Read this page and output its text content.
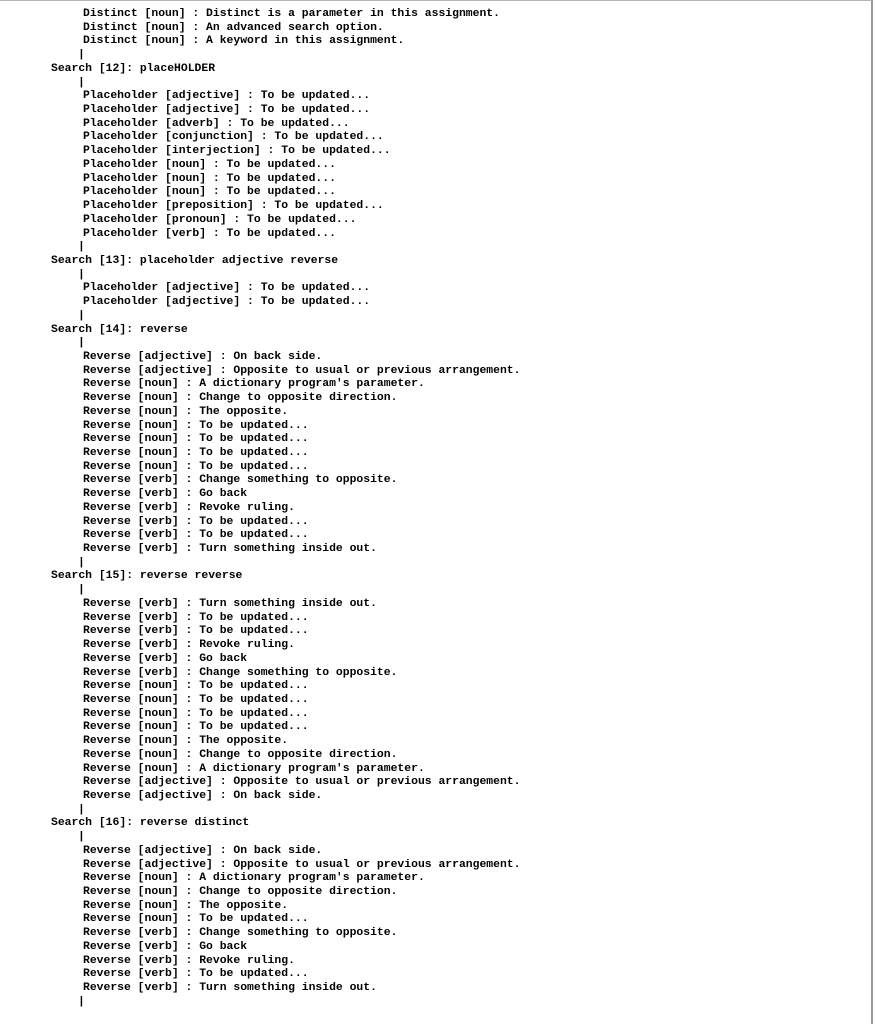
Distinct [noun] : Distinct is a parameter in this assignment.
Distinct [noun] : An advanced search option.
Distinct [noun] : A keyword in this assignment.
|
Search [12]: placeHOLDER
|
Placeholder [adjective] : To be updated...
Placeholder [adjective] : To be updated...
Placeholder [adverb] : To be updated...
Placeholder [conjunction] : To be updated...
Placeholder [interjection] : To be updated...
Placeholder [noun] : To be updated...
Placeholder [noun] : To be updated...
Placeholder [noun] : To be updated...
Placeholder [preposition] : To be updated...
Placeholder [pronoun] : To be updated...
Placeholder [verb] : To be updated...
|
Search [13]: placeholder adjective reverse
|
Placeholder [adjective] : To be updated...
Placeholder [adjective] : To be updated...
|
Search [14]: reverse
|
Reverse [adjective] : On back side.
Reverse [adjective] : Opposite to usual or previous arrangement.
Reverse [noun] : A dictionary program's parameter.
Reverse [noun] : Change to opposite direction.
Reverse [noun] : The opposite.
Reverse [noun] : To be updated...
Reverse [noun] : To be updated...
Reverse [noun] : To be updated...
Reverse [noun] : To be updated...
Reverse [verb] : Change something to opposite.
Reverse [verb] : Go back
Reverse [verb] : Revoke ruling.
Reverse [verb] : To be updated...
Reverse [verb] : To be updated...
Reverse [verb] : Turn something inside out.
|
Search [15]: reverse reverse
|
Reverse [verb] : Turn something inside out.
Reverse [verb] : To be updated...
Reverse [verb] : To be updated...
Reverse [verb] : Revoke ruling.
Reverse [verb] : Go back
Reverse [verb] : Change something to opposite.
Reverse [noun] : To be updated...
Reverse [noun] : To be updated...
Reverse [noun] : To be updated...
Reverse [noun] : To be updated...
Reverse [noun] : The opposite.
Reverse [noun] : Change to opposite direction.
Reverse [noun] : A dictionary program's parameter.
Reverse [adjective] : Opposite to usual or previous arrangement.
Reverse [adjective] : On back side.
|
Search [16]: reverse distinct
|
Reverse [adjective] : On back side.
Reverse [adjective] : Opposite to usual or previous arrangement.
Reverse [noun] : A dictionary program's parameter.
Reverse [noun] : Change to opposite direction.
Reverse [noun] : The opposite.
Reverse [noun] : To be updated...
Reverse [verb] : Change something to opposite.
Reverse [verb] : Go back
Reverse [verb] : Revoke ruling.
Reverse [verb] : To be updated...
Reverse [verb] : Turn something inside out.
|
